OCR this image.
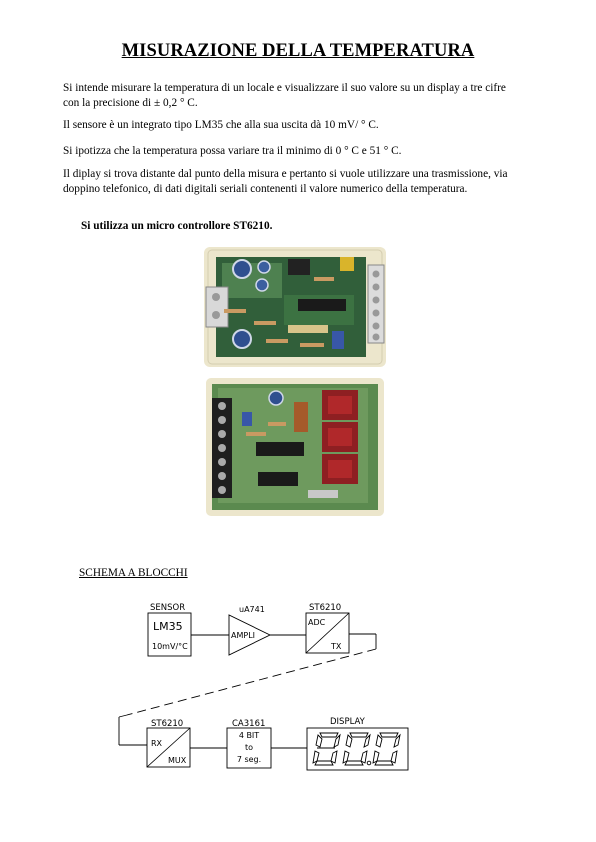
MISURAZIONE DELLA TEMPERATURA
Si intende misurare la temperatura di un locale e visualizzare il suo valore su un display a tre cifre con la precisione di ± 0,2 ° C.
Il sensore è un integrato tipo LM35 che alla sua uscita dà 10 mV/ ° C.
Si ipotizza che la temperatura possa variare tra il minimo di 0 ° C e 51 ° C.
Il diplay si trova distante dal punto della misura e pertanto si vuole utilizzare una trasmissione, via doppino telefonico, di dati digitali seriali contenenti il valore numerico della temperatura.
Si utilizza un micro controllore ST6210.
SCHEMA A BLOCCHI
SENSOR
LM35
10mV/°C
uA741
AMPLI
ST6210
ADC
TX
ST6210
RX
MUX
CA3161
4 BIT
to
7 seg.
DISPLAY
